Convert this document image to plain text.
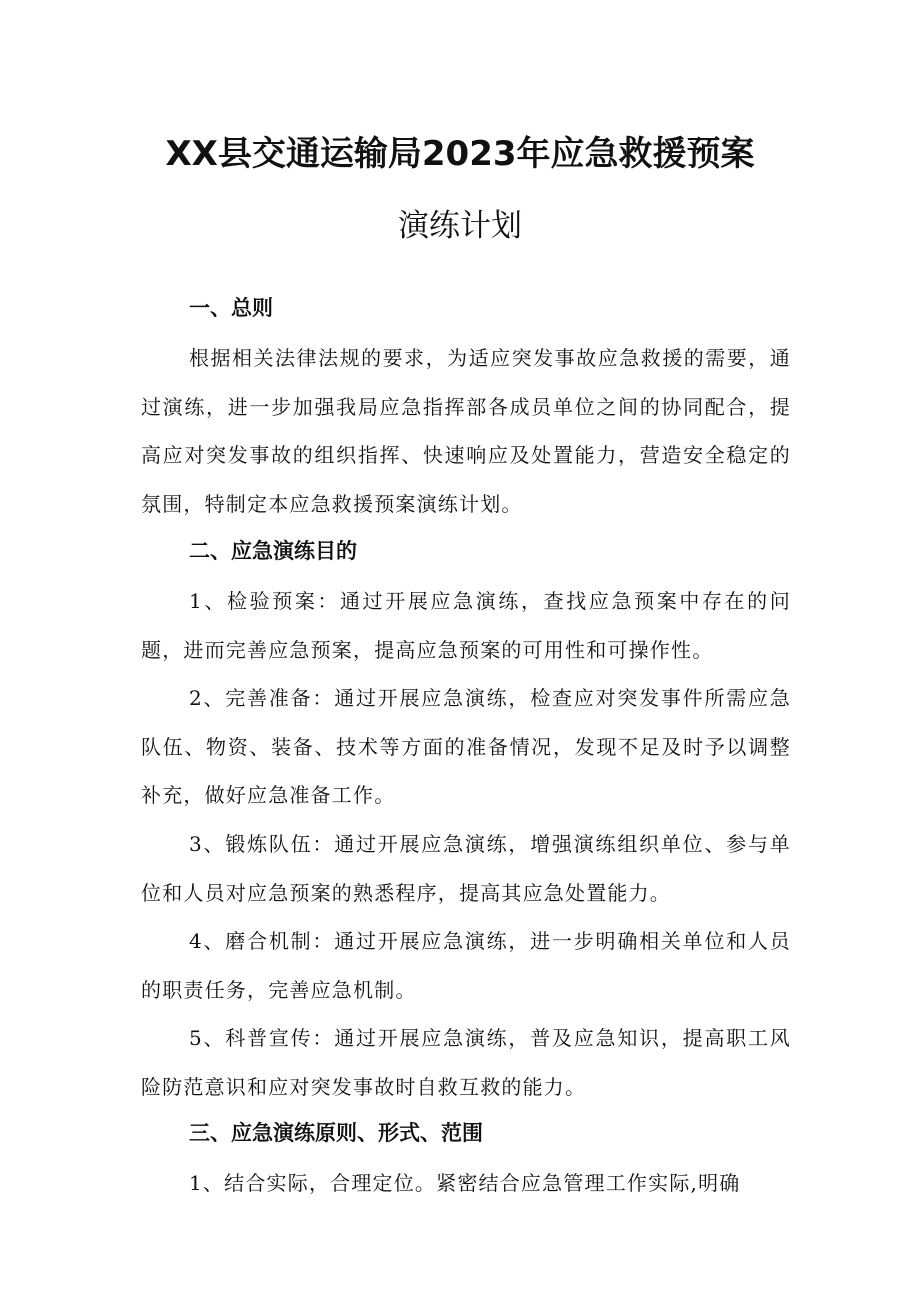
XX县交通运输局2023年应急救援预案
演练计划
一、总则

根据相关法律法规的要求，为适应突发事故应急救援的需要，通过演练，进一步加强我局应急指挥部各成员单位之间的协同配合，提高应对突发事故的组织指挥、快速响应及处置能力，营造安全稳定的氛围，特制定本应急救援预案演练计划。

二、应急演练目的

1、检验预案：通过开展应急演练，查找应急预案中存在的问题，进而完善应急预案，提高应急预案的可用性和可操作性。

2、完善准备：通过开展应急演练，检查应对突发事件所需应急队伍、物资、装备、技术等方面的准备情况，发现不足及时予以调整补充，做好应急准备工作。

3、锻炼队伍：通过开展应急演练，增强演练组织单位、参与单位和人员对应急预案的熟悉程序，提高其应急处置能力。

4、磨合机制：通过开展应急演练，进一步明确相关单位和人员的职责任务，完善应急机制。

5、科普宣传：通过开展应急演练，普及应急知识，提高职工风险防范意识和应对突发事故时自救互救的能力。

三、应急演练原则、形式、范围

1、结合实际，合理定位。紧密结合应急管理工作实际,明确
